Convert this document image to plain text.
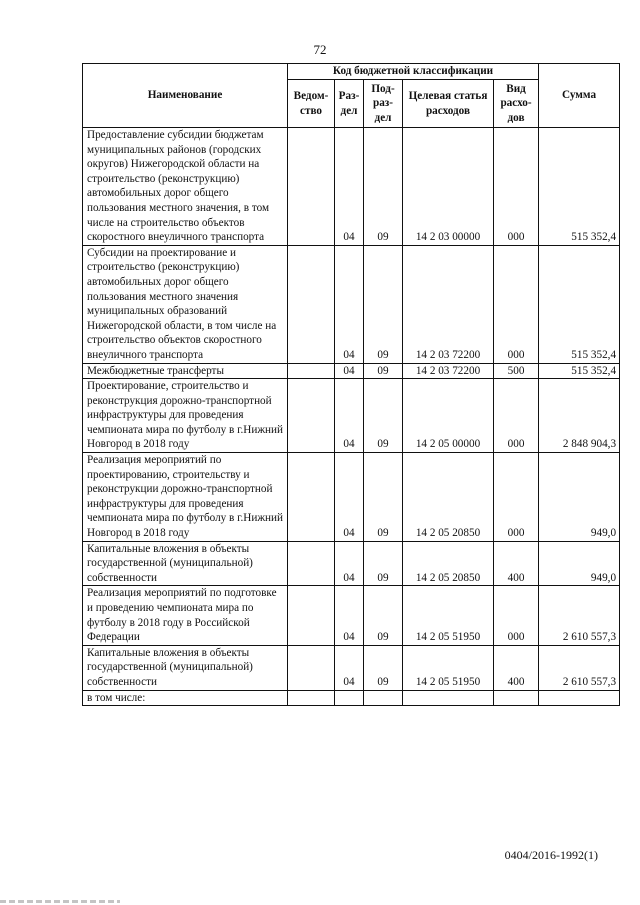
72
Наименование	Код бюджетной классификации					Сумма
	Ведом-ство	Раз-дел	Под-раз-дел	Целевая статья расходов	Вид расхо-дов	
Предоставление субсидии бюджетам муниципальных районов (городских округов) Нижегородской области на строительство (реконструкцию) автомобильных дорог общего пользования местного значения, в том числе на строительство объектов скоростного внеуличного транспорта		04	09	14 2 03 00000	000	515 352,4
Субсидии на проектирование и строительство (реконструкцию) автомобильных дорог общего пользования местного значения муниципальных образований Нижегородской области, в том числе на строительство объектов скоростного внеуличного транспорта		04	09	14 2 03 72200	000	515 352,4
Межбюджетные трансферты		04	09	14 2 03 72200	500	515 352,4
Проектирование, строительство и реконструкция дорожно-транспортной инфраструктуры для проведения чемпионата мира по футболу в г.Нижний Новгород в 2018 году		04	09	14 2 05 00000	000	2 848 904,3
Реализация мероприятий по проектированию, строительству и реконструкции дорожно-транспортной инфраструктуры для проведения чемпионата мира по футболу в г.Нижний Новгород в 2018 году		04	09	14 2 05 20850	000	949,0
Капитальные вложения в объекты государственной (муниципальной) собственности		04	09	14 2 05 20850	400	949,0
Реализация мероприятий по подготовке и проведению чемпионата мира по футболу в 2018 году в Российской Федерации		04	09	14 2 05 51950	000	2 610 557,3
Капитальные вложения в объекты государственной (муниципальной) собственности		04	09	14 2 05 51950	400	2 610 557,3
в том числе:						
0404/2016-1992(1)
